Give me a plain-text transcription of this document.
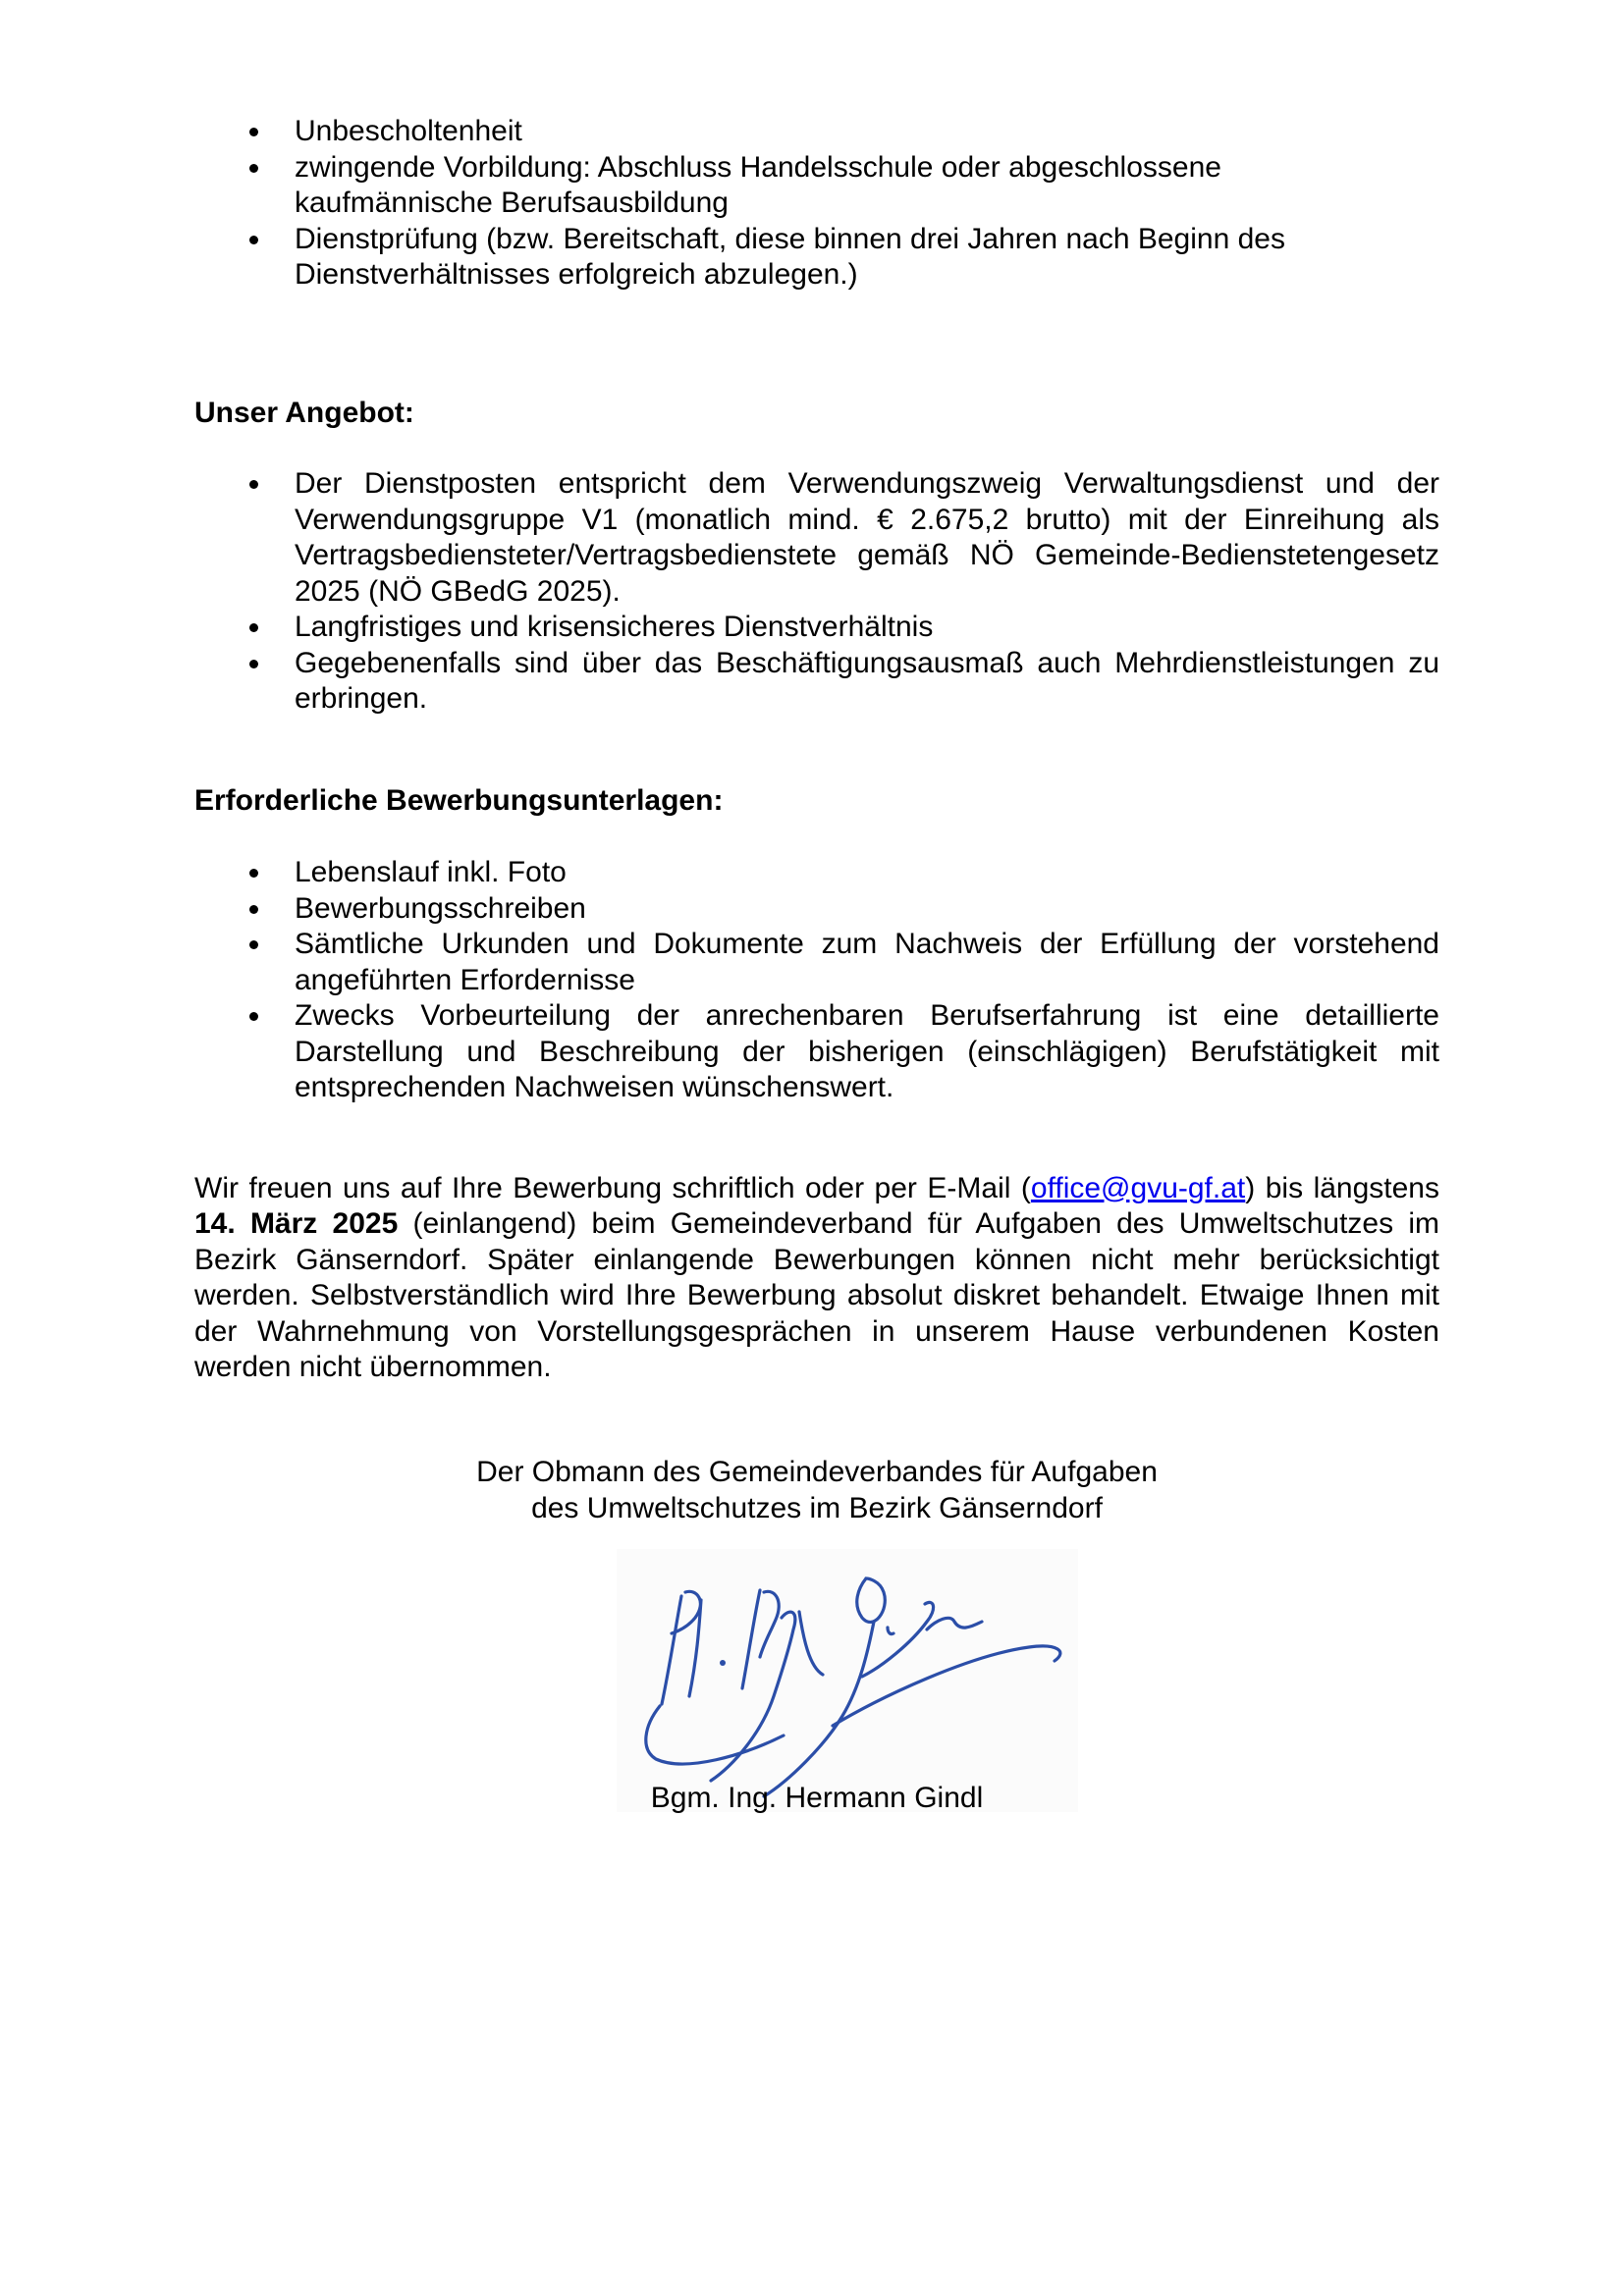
Unbescholtenheit
zwingende Vorbildung: Abschluss Handelsschule oder abgeschlossene kaufmännische Berufsausbildung
Dienstprüfung (bzw. Bereitschaft, diese binnen drei Jahren nach Beginn des Dienstverhältnisses erfolgreich abzulegen.)
Unser Angebot:
Der Dienstposten entspricht dem Verwendungszweig Verwaltungsdienst und der Verwendungsgruppe V1 (monatlich mind. € 2.675,2 brutto) mit der Einreihung als Vertragsbediensteter/Vertragsbedienstete gemäß NÖ Gemeinde-Bedienstetengesetz 2025 (NÖ GBedG 2025).
Langfristiges und krisensicheres Dienstverhältnis
Gegebenenfalls sind über das Beschäftigungsausmaß auch Mehrdienstleistungen zu erbringen.
Erforderliche Bewerbungsunterlagen:
Lebenslauf inkl. Foto
Bewerbungsschreiben
Sämtliche Urkunden und Dokumente zum Nachweis der Erfüllung der vorstehend angeführten Erfordernisse
Zwecks Vorbeurteilung der anrechenbaren Berufserfahrung ist eine detaillierte Darstellung und Beschreibung der bisherigen (einschlägigen) Berufstätigkeit mit entsprechenden Nachweisen wünschenswert.

Wir freuen uns auf Ihre Bewerbung schriftlich oder per E-Mail (office@gvu-gf.at) bis längstens 14. März 2025 (einlangend) beim Gemeindeverband für Aufgaben des Umweltschutzes im Bezirk Gänserndorf. Später einlangende Bewerbungen können nicht mehr berücksichtigt werden. Selbstverständlich wird Ihre Bewerbung absolut diskret behandelt. Etwaige Ihnen mit der Wahrnehmung von Vorstellungsgesprächen in unserem Hause verbundenen Kosten werden nicht übernommen.

Der Obmann des Gemeindeverbandes für Aufgaben
des Umweltschutzes im Bezirk Gänserndorf
Bgm. Ing. Hermann Gindl
